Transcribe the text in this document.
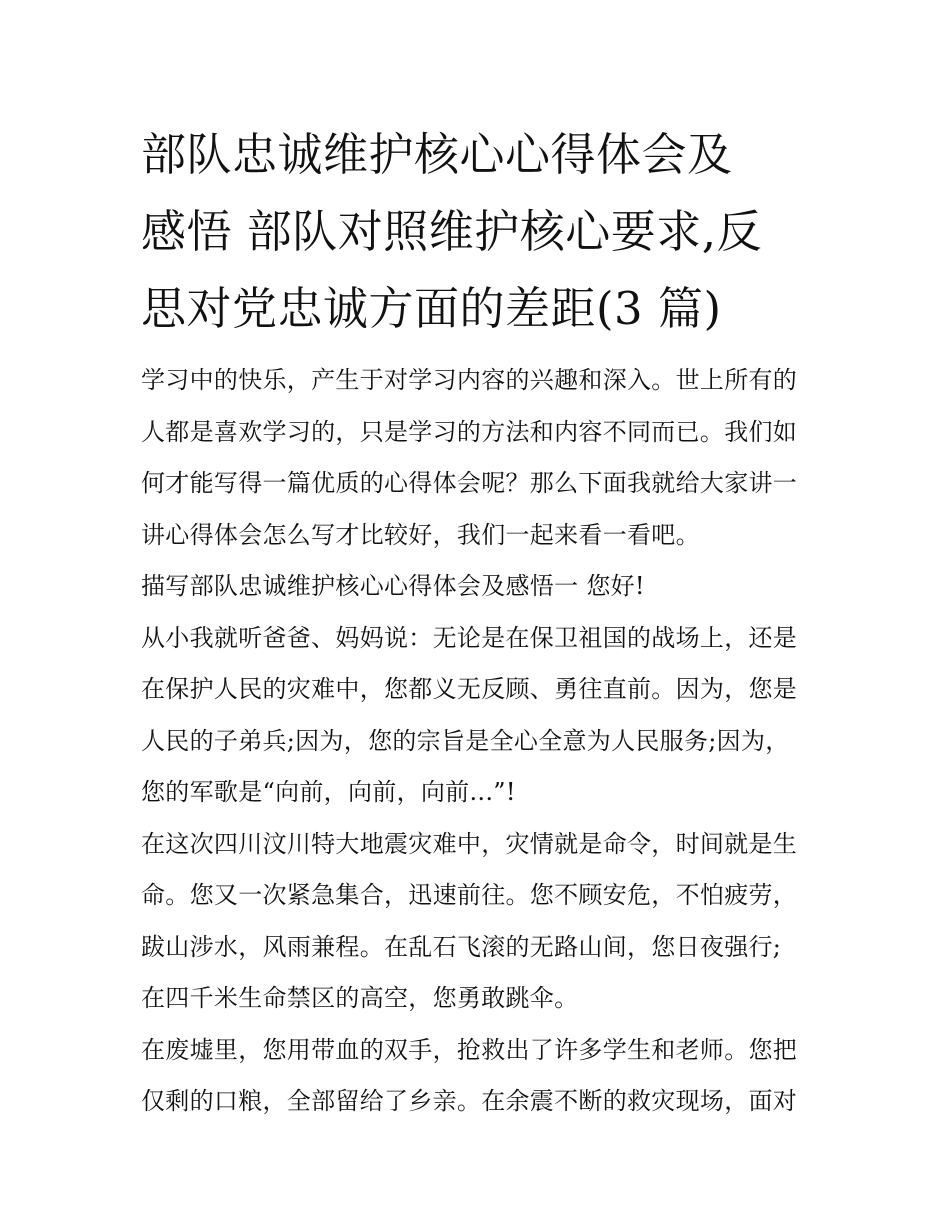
部队忠诚维护核心心得体会及
感悟 部队对照维护核心要求,反
思对党忠诚方面的差距(3 篇)

学习中的快乐，产生于对学习内容的兴趣和深入。世上所有的
人都是喜欢学习的，只是学习的方法和内容不同而已。我们如
何才能写得一篇优质的心得体会呢？那么下面我就给大家讲一
讲心得体会怎么写才比较好，我们一起来看一看吧。

描写部队忠诚维护核心心得体会及感悟一 您好!

从小我就听爸爸、妈妈说：无论是在保卫祖国的战场上，还是
在保护人民的灾难中，您都义无反顾、勇往直前。因为，您是
人民的子弟兵;因为，您的宗旨是全心全意为人民服务;因为，
您的军歌是“向前，向前，向前...”!

在这次四川汶川特大地震灾难中，灾情就是命令，时间就是生
命。您又一次紧急集合，迅速前往。您不顾安危，不怕疲劳，
跋山涉水，风雨兼程。在乱石飞滚的无路山间，您日夜强行;
在四千米生命禁区的高空，您勇敢跳伞。

在废墟里，您用带血的双手，抢救出了许多学生和老师。您把
仅剩的口粮，全部留给了乡亲。在余震不断的救灾现场，面对
